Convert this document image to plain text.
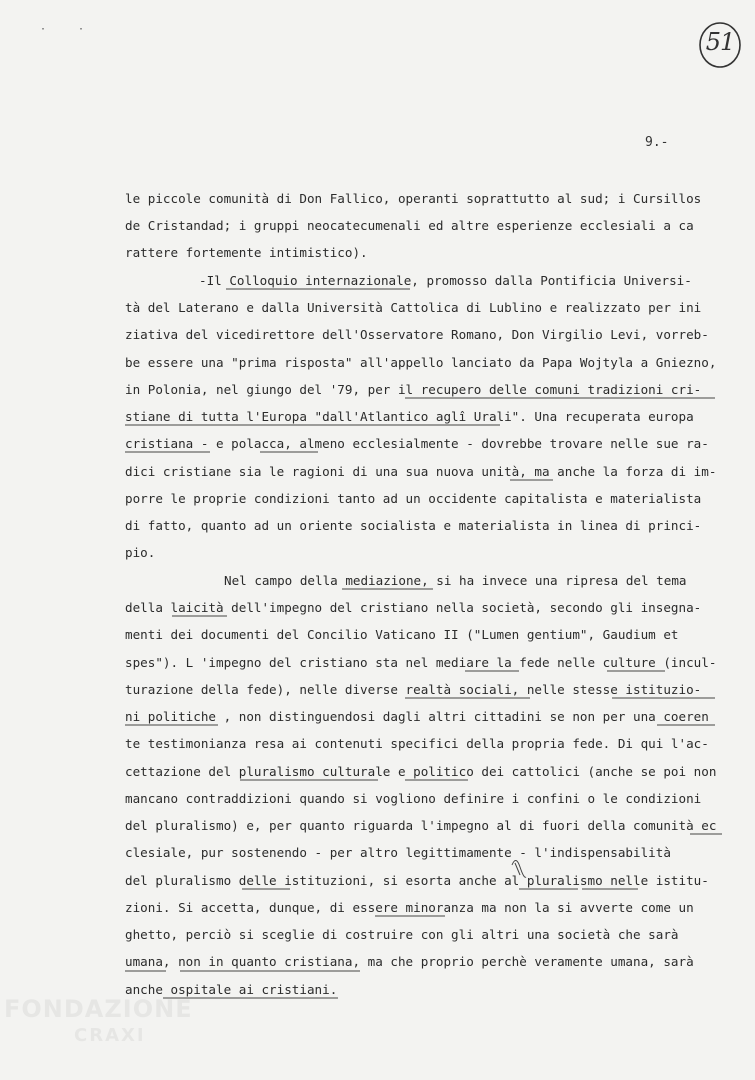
··	51
9.-
le piccole comunità di Don Fallico, operanti soprattutto al sud; i Cursillos
de Cristandad; i gruppi neocatecumenali ed altre esperienze ecclesiali a ca
rattere fortemente intimistico).
-Il Colloquio internazionale, promosso dalla Pontificia Universi-
tà del Laterano e dalla Università Cattolica di Lublino e realizzato per ini
ziativa del vicedirettore dell'Osservatore Romano, Don Virgilio Levi, vorreb-
be essere una "prima risposta" all'appello lanciato da Papa Wojtyla a Gniezno,
in Polonia, nel giungo del '79, per il recupero delle comuni tradizioni cri-
stiane di tutta l'Europa "dall'Atlantico aglî Urali". Una recuperata europa
cristiana - e polacca, almeno ecclesialmente - dovrebbe trovare nelle sue ra-
dici cristiane sia le ragioni di una sua nuova unità, ma anche la forza di im-
porre le proprie condizioni tanto ad un occidente capitalista e materialista
di fatto, quanto ad un oriente socialista e materialista in linea di princi-
pio.
Nel campo della mediazione, si ha invece una ripresa del tema
della laicità dell'impegno del cristiano nella società, secondo gli insegna-
menti dei documenti del Concilio Vaticano II ("Lumen gentium", Gaudium et
spes"). L 'impegno del cristiano sta nel mediare la fede nelle culture (incul-
turazione della fede), nelle diverse realtà sociali, nelle stesse istituzio-
ni politiche , non distinguendosi dagli altri cittadini se non per una coeren
te testimonianza resa ai contenuti specifici della propria fede. Di qui l'ac-
cettazione del pluralismo culturale e politico dei cattolici (anche se poi non
mancano contraddizioni quando si vogliono definire i confini o le condizioni
del pluralismo) e, per quanto riguarda l'impegno al di fuori della comunità ec
clesiale, pur sostenendo - per altro legittimamente - l'indispensabilità
del pluralismo delle istituzioni, si esorta anche al pluralismo nelle istitu-
zioni. Si accetta, dunque, di essere minoranza ma non la si avverte come un
ghetto, perciò si sceglie di costruire con gli altri una società che sarà
umana, non in quanto cristiana, ma che proprio perchè veramente umana, sarà
anche ospitale ai cristiani.
FONDAZIONE
CRAXI
